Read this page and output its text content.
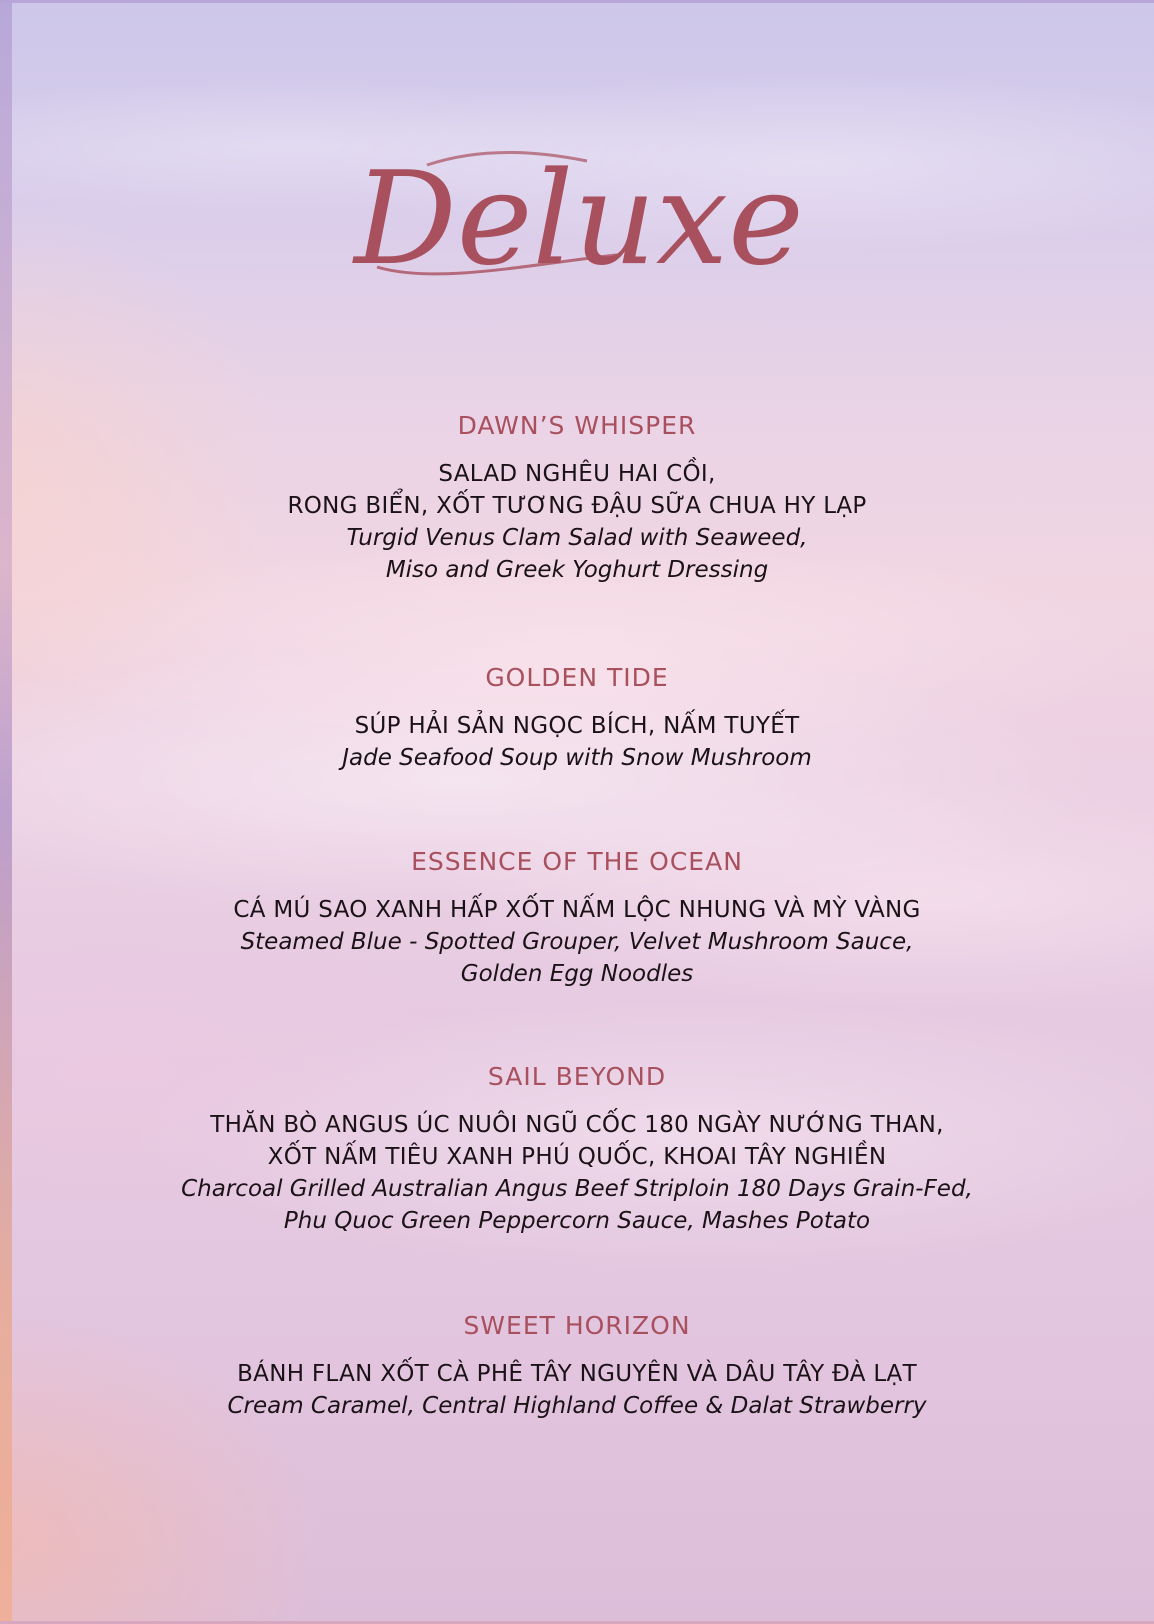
Deluxe
DAWN’S WHISPER
SALAD NGHÊU HAI CỒI,
RONG BIỂN, XỐT TƯƠNG ĐẬU SỮA CHUA HY LẠP
Turgid Venus Clam Salad with Seaweed,
Miso and Greek Yoghurt Dressing
GOLDEN TIDE
SÚP HẢI SẢN NGỌC BÍCH, NẤM TUYẾT
Jade Seafood Soup with Snow Mushroom
ESSENCE OF THE OCEAN
CÁ MÚ SAO XANH HẤP XỐT NẤM LỘC NHUNG VÀ MỲ VÀNG
Steamed Blue - Spotted Grouper, Velvet Mushroom Sauce,
Golden Egg Noodles
SAIL BEYOND
THĂN BÒ ANGUS ÚC NUÔI NGŨ CỐC 180 NGÀY NƯỚNG THAN,
XỐT NẤM TIÊU XANH PHÚ QUỐC, KHOAI TÂY NGHIỀN
Charcoal Grilled Australian Angus Beef Striploin 180 Days Grain-Fed,
Phu Quoc Green Peppercorn Sauce, Mashes Potato
SWEET HORIZON
BÁNH FLAN XỐT CÀ PHÊ TÂY NGUYÊN VÀ DÂU TÂY ĐÀ LẠT
Cream Caramel, Central Highland Coffee & Dalat Strawberry
